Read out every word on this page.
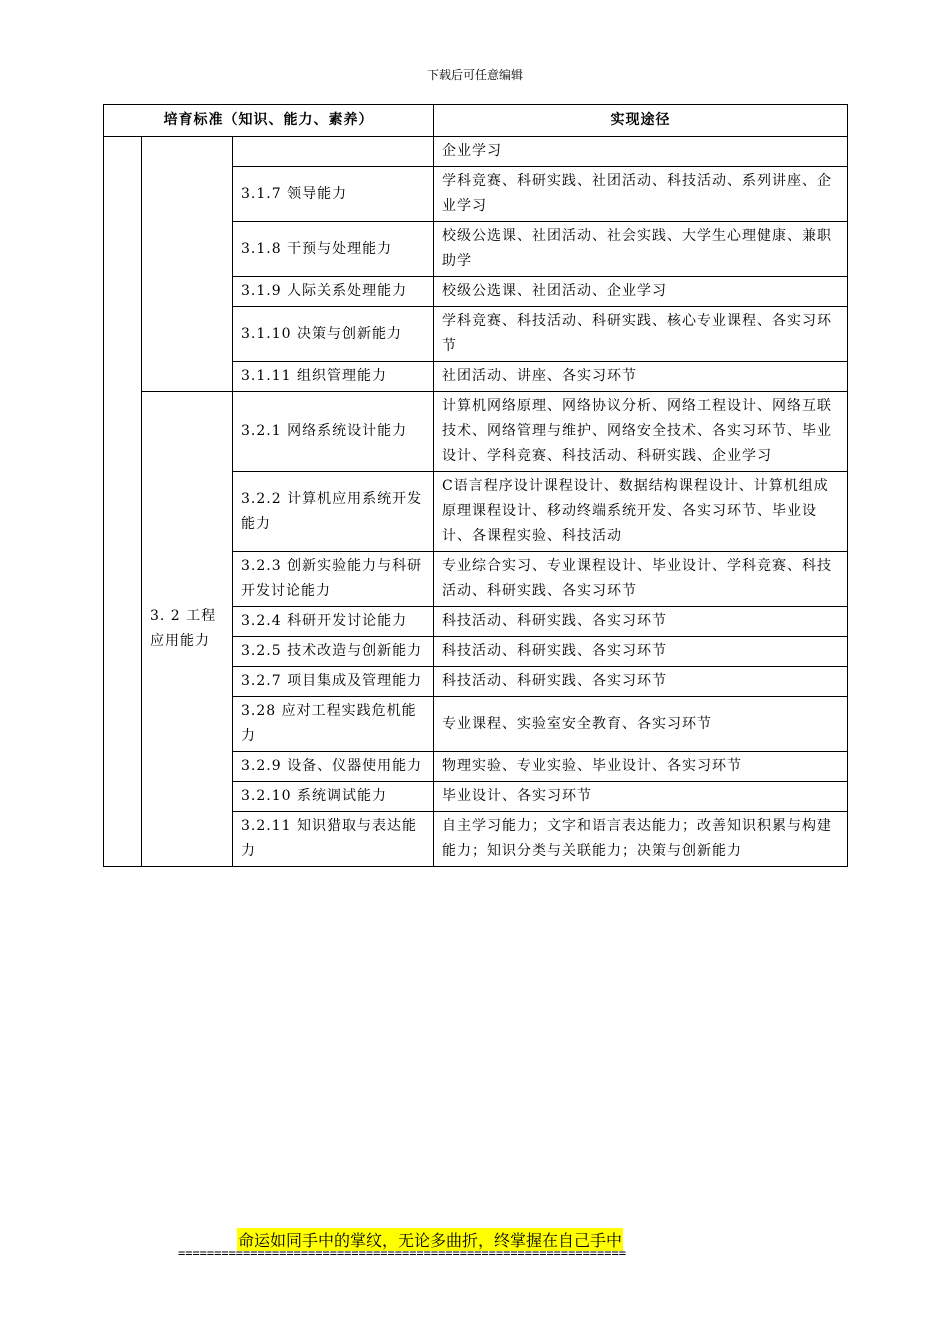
下载后可任意编辑
培育标准（知识、能力、素养）			实现途径
			企业学习
		3.1.7 领导能力	学科竞赛、科研实践、社团活动、科技活动、系列讲座、企业学习
		3.1.8 干预与处理能力	校级公选课、社团活动、社会实践、大学生心理健康、兼职助学
		3.1.9 人际关系处理能力	校级公选课、社团活动、企业学习
		3.1.10 决策与创新能力	学科竞赛、科技活动、科研实践、核心专业课程、各实习环节
		3.1.11 组织管理能力	社团活动、讲座、各实习环节
	3. 2 工程应用能力	3.2.1 网络系统设计能力	计算机网络原理、网络协议分析、网络工程设计、网络互联技术、网络管理与维护、网络安全技术、各实习环节、毕业设计、学科竞赛、科技活动、科研实践、企业学习
		3.2.2 计算机应用系统开发能力	C语言程序设计课程设计、数据结构课程设计、计算机组成原理课程设计、移动终端系统开发、各实习环节、毕业设计、各课程实验、科技活动
		3.2.3 创新实验能力与科研开发讨论能力	专业综合实习、专业课程设计、毕业设计、学科竞赛、科技活动、科研实践、各实习环节
		3.2.4 科研开发讨论能力	科技活动、科研实践、各实习环节
		3.2.5 技术改造与创新能力	科技活动、科研实践、各实习环节
		3.2.7 项目集成及管理能力	科技活动、科研实践、各实习环节
		3.28 应对工程实践危机能力	专业课程、实验室安全教育、各实习环节
		3.2.9 设备、仪器使用能力	物理实验、专业实验、毕业设计、各实习环节
		3.2.10 系统调试能力	毕业设计、各实习环节
		3.2.11 知识猎取与表达能力	自主学习能力；文字和语言表达能力；改善知识积累与构建能力；知识分类与关联能力；决策与创新能力
命运如同手中的掌纹，无论多曲折，终掌握在自己手中
==============================================================
